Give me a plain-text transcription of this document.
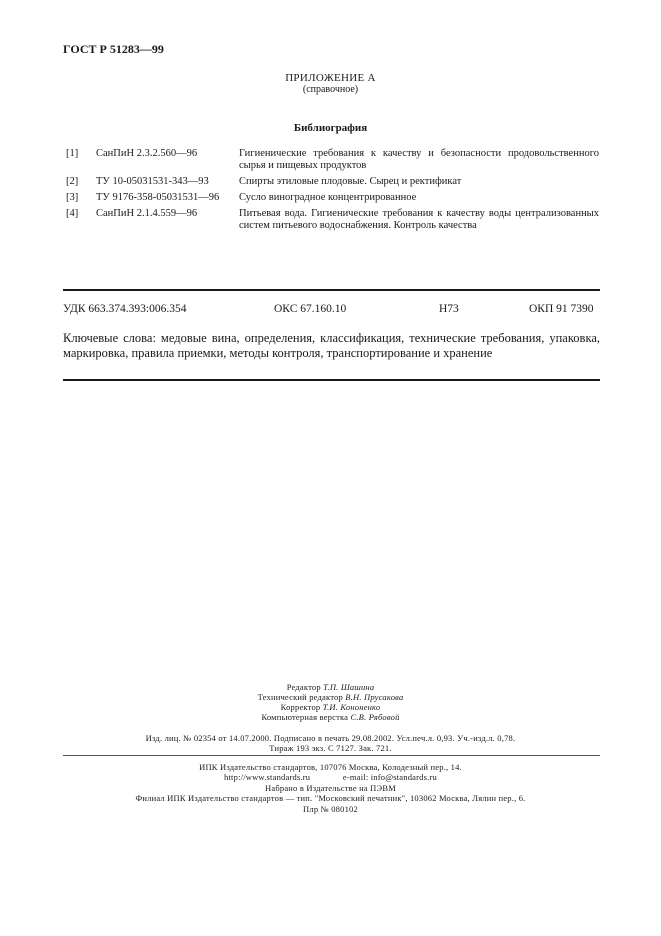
ГОСТ Р 51283—99
ПРИЛОЖЕНИЕ А
(справочное)
Библиография
[1] СанПиН 2.3.2.560—96	Гигиенические требования к качеству и безопасности продовольственного сырья и пищевых продуктов
[2] ТУ 10-05031531-343—93	Спирты этиловые плодовые. Сырец и ректификат
[3] ТУ 9176-358-05031531—96 Сусло виноградное концентрированное
[4] СанПиН 2.1.4.559—96	Питьевая вода. Гигиенические требования к качеству воды централизованных систем питьевого водоснабжения. Контроль качества
УДК 663.374.393:006.354	ОКС 67.160.10	Н73	ОКП 91 7390
Ключевые слова: медовые вина, определения, классификация, технические требования, упаковка, маркировка, правила приемки, методы контроля, транспортирование и хранение
Редактор Т.П. Шашина
Технический редактор В.Н. Прусакова
Корректор Т.И. Кононенко
Компьютерная верстка С.В. Рябовой
Изд. лиц. № 02354 от 14.07.2000. Подписано в печать 29.08.2002. Усл.печ.л. 0,93. Уч.-изд.л. 0,78.
Тираж 193 экз. С 7127. Зак. 721.
ИПК Издательство стандартов, 107076 Москва, Колодезный пер., 14.
http://www.standards.ru	e-mail: info@standards.ru
Набрано в Издательстве на ПЭВМ
Филиал ИПК Издательство стандартов — тип. "Московский печатник", 103062 Москва, Лялин пер., 6.
Плр № 080102
